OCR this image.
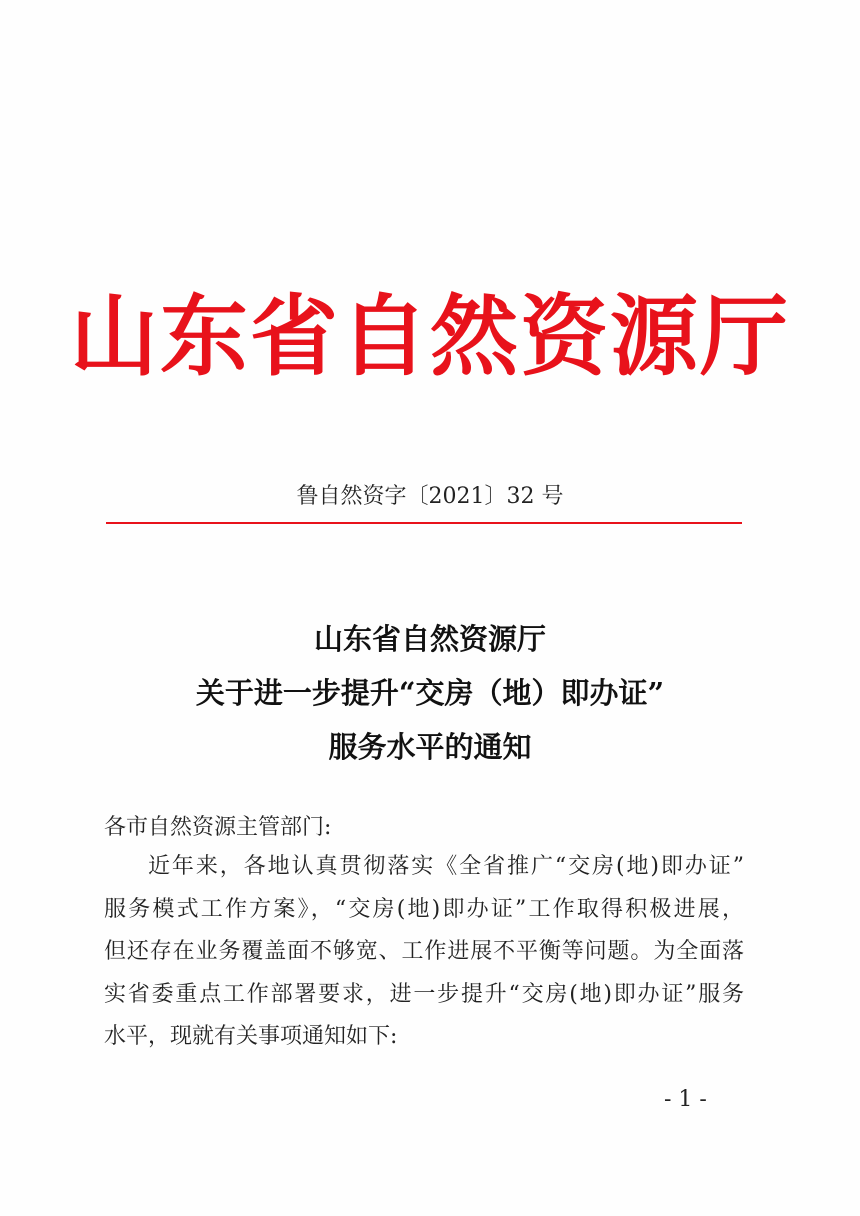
山东省自然资源厅
鲁自然资字〔2021〕32 号
山东省自然资源厅
关于进一步提升“交房（地）即办证”
服务水平的通知
各市自然资源主管部门:
近年来，各地认真贯彻落实《全省推广“交房(地)即办证”
服务模式工作方案》，“交房(地)即办证”工作取得积极进展，
但还存在业务覆盖面不够宽、工作进展不平衡等问题。为全面落
实省委重点工作部署要求，进一步提升“交房(地)即办证”服务
水平，现就有关事项通知如下:
- 1 -
